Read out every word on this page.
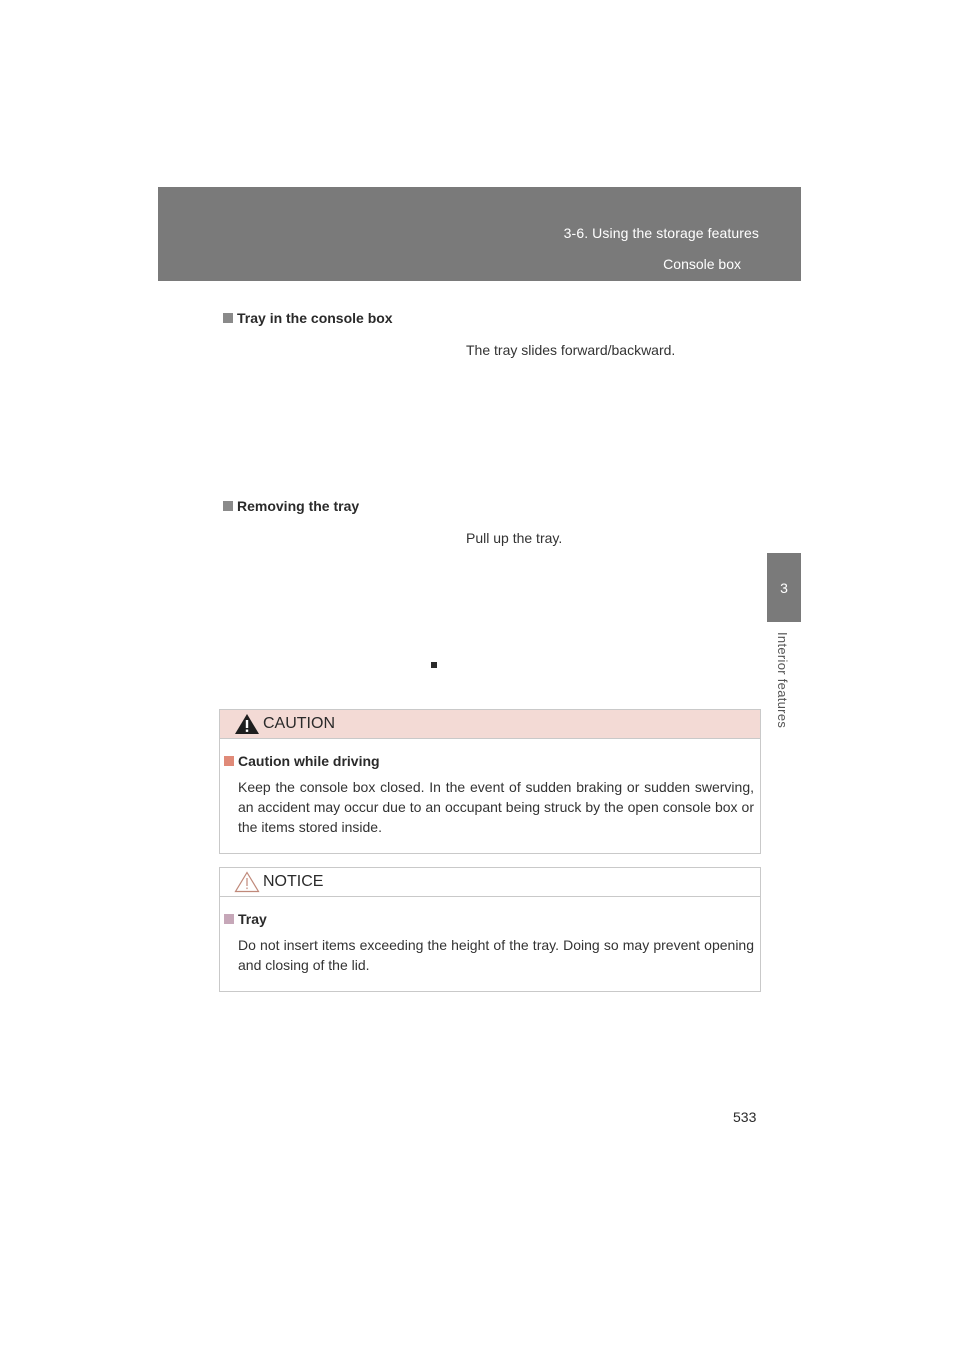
3-6. Using the storage features
Console box
3
Interior features
Tray in the console box
The tray slides forward/backward.
Removing the tray
Pull up the tray.
CAUTION
Caution while driving
Keep the console box closed. In the event of sudden braking or sudden swerving, an accident may occur due to an occupant being struck by the open console box or the items stored inside.
NOTICE
Tray
Do not insert items exceeding the height of the tray. Doing so may prevent opening and closing of the lid.
533
